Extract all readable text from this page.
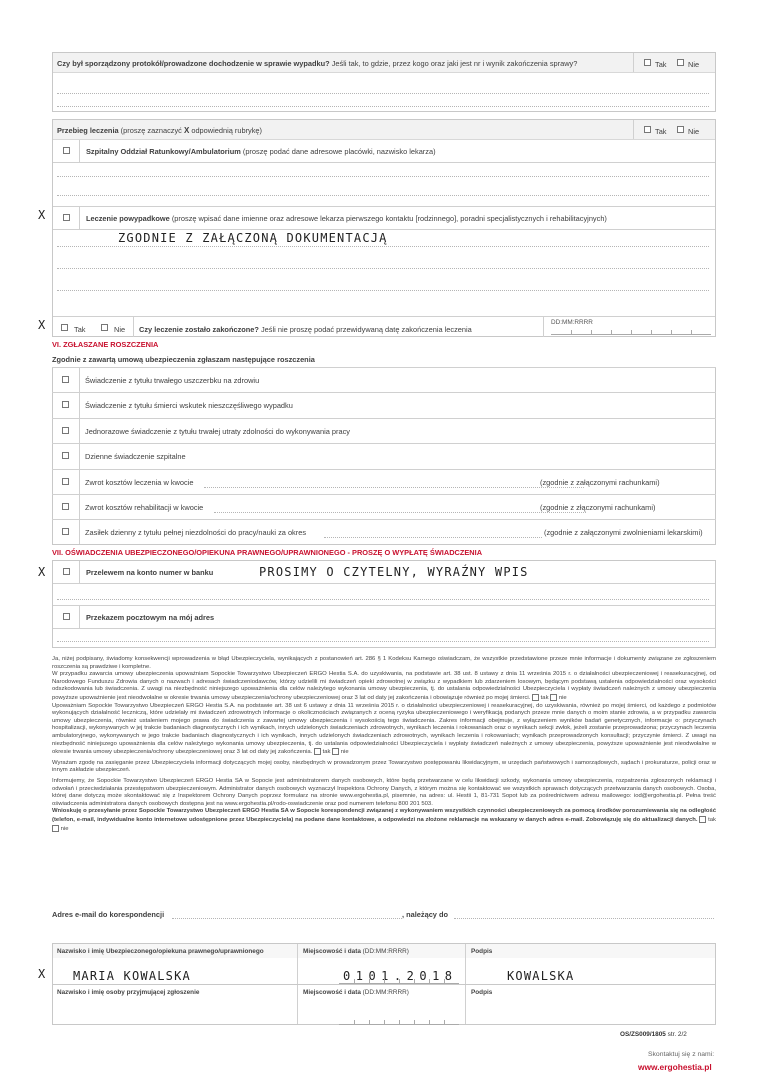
Czy był sporządzony protokół/prowadzone dochodzenie w sprawie wypadku? Jeśli tak, to gdzie, przez kogo oraz jaki jest nr i wynik zakończenia sprawy?	Tak	Nie
Przebieg leczenia (proszę zaznaczyć X odpowiednią rubrykę)	Tak	Nie
Szpitalny Oddział Ratunkowy/Ambulatorium (proszę podać dane adresowe placówki, nazwisko lekarza)
Leczenie powypadkowe (proszę wpisać dane imienne oraz adresowe lekarza pierwszego kontaktu [rodzinnego], poradni specjalistycznych i rehabilitacyjnych)
ZGODNIE Z ZAŁĄCZONĄ DOKUMENTACJĄ
Tak	Nie Czy leczenie zostało zakończone? Jeśli nie proszę podać przewidywaną datę zakończenia leczenia
DD:MM:RRRR
X
X
VI. ZGŁASZANE ROSZCZENIA
Zgodnie z zawartą umową ubezpieczenia zgłaszam następujące roszczenia
Świadczenie z tytułu trwałego uszczerbku na zdrowiu
Świadczenie z tytułu śmierci wskutek nieszczęśliwego wypadku
Jednorazowe świadczenie z tytułu trwałej utraty zdolności do wykonywania pracy
Dzienne świadczenie szpitalne
Zwrot kosztów leczenia w kwocie	(zgodnie z załączonymi rachunkami)
Zwrot kosztów rehabilitacji w kwocie	(zgodnie z złączonymi rachunkami)
Zasiłek dzienny z tytułu pełnej niezdolności do pracy/nauki za okres	(zgodnie z załączonymi zwolnieniami lekarskimi)
VII. OŚWIADCZENIA UBEZPIECZONEGO/OPIEKUNA PRAWNEGO/UPRAWNIONEGO - PROSZĘ O WYPŁATĘ ŚWIADCZENIA
Przelewem na konto numer w banku	PROSIMY O CZYTELNY, WYRAŹNY WPIS
Przekazem pocztowym na mój adres
X
Ja, niżej podpisany, świadomy konsekwencji wprowadzenia w błąd Ubezpieczyciela, wynikających z postanowień art. 286 § 1 Kodeksu Karnego oświadczam, że wszystkie przedstawione przeze mnie informacje i dokumenty związane ze zgłoszeniem roszczenia są prawdziwe i kompletne.
W przypadku zawarcia umowy ubezpieczenia upoważniam Sopockie Towarzystwo Ubezpieczeń ERGO Hestia S.A. do uzyskiwania, na podstawie art. 38 ust. 8 ustawy z dnia 11 września 2015 r. o działalności ubezpieczeniowej i reasekuracyjnej, od Narodowego Funduszu Zdrowia danych o nazwach i adresach świadczeniodawców, którzy udzielili mi świadczeń opieki zdrowotnej w związku z wypadkiem lub zdarzeniem losowym, będącym podstawą ustalenia odpowiedzialności oraz wysokości odszkodowania lub świadczenia. Z uwagi na niezbędność niniejszego upoważnienia dla celów należytego wykonania umowy ubezpieczenia, tj. do ustalania odpowiedzialności Ubezpieczyciela i wypłaty świadczeń należnych z umowy ubezpieczenia powyższe upoważnienie jest nieodwołalne w okresie trwania umowy ubezpieczenia/ochrony ubezpieczeniowej oraz 3 lat od daty jej zakończenia i obowiązuje również po mojej śmierci. tak nie
Upoważniam Sopockie Towarzystwo Ubezpieczeń ERGO Hestia S.A. na podstawie art. 38 ust 6 ustawy z dnia 11 września 2015 r. o działalności ubezpieczeniowej i reasekuracyjnej, do uzyskiwania, również po mojej śmierci, od każdego z podmiotów wykonujących działalność leczniczą, które udzielały mi świadczeń zdrowotnych informacje o okolicznościach związanych z oceną ryzyka ubezpieczeniowego i weryfikacją podanych przeze mnie danych o moim stanie zdrowia, a w przypadku zawarcia umowy ubezpieczenia, również ustaleniem mojego prawa do świadczenia z zawartej umowy ubezpieczenia i wysokością tego świadczenia. Zakres informacji obejmuje, z wyłączeniem wyników badań genetycznych, informacje o: przyczynach hospitalizacji, wykonywanych w jej trakcie badaniach diagnostycznych i ich wynikach, innych udzielonych świadczeniach zdrowotnych, wynikach leczenia i rokowaniach oraz o wynikach sekcji zwłok, jeżeli zostanie przeprowadzona; przyczynach leczenia ambulatoryjnego, wykonywanych w jego trakcie badaniach diagnostycznych i ich wynikach, innych udzielonych świadczeniach zdrowotnych, wynikach leczenia i rokowaniach; wynikach przeprowadzonych konsultacji; przyczynie śmierci. Z uwagi na niezbędność niniejszego upoważnienia dla celów należytego wykonania umowy ubezpieczenia, tj. do ustalania odpowiedzialności Ubezpieczyciela i wypłaty świadczeń należnych z umowy ubezpieczenia, powyższe upoważnienie jest nieodwołalne w okresie trwania umowy ubezpieczenia/ochrony ubezpieczeniowej oraz 3 lat od daty jej zakończenia. tak nie
Wyrażam zgodę na zasięganie przez Ubezpieczyciela informacji dotyczących mojej osoby, niezbędnych w prowadzonym przez Towarzystwo postępowaniu likwidacyjnym, w urzędach państwowych i samorządowych, sądach i prokuraturze, policji oraz w innym zakładzie ubezpieczeń.
Informujemy, że Sopockie Towarzystwo Ubezpieczeń ERGO Hestia SA w Sopocie jest administratorem danych osobowych, które będą przetwarzane w celu likwidacji szkody, wykonania umowy ubezpieczenia, rozpatrzenia zgłoszonych reklamacji i odwołań i przeciwdziałania przestępstwom ubezpieczeniowym. Administrator danych osobowych wyznaczył Inspektora Ochrony Danych, z którym można się kontaktować we wszystkich sprawach dotyczących przetwarzania danych osobowych. Osoba, której dane dotyczą może skontaktować się z Inspektorem Ochrony Danych poprzez formularz na stronie www.ergohestia.pl, pisemnie, na adres: ul. Hestii 1, 81-731 Sopot lub za pośrednictwem adresu mailowego: iod@ergohestia.pl. Pełna treść oświadczenia administratora danych osobowych dostępna jest na www.ergohestia.pl/rodo-oswiadczenie oraz pod numerem telefonu 800 201 503.
Wnioskuję o przesyłanie przez Sopockie Towarzystwo Ubezpieczeń ERGO Hestia SA w Sopocie korespondencji związanej z wykonywaniem wszystkich czynności ubezpieczeniowych za pomocą środków porozumiewania się na odległość (telefon, e-mail, indywidualne konto internetowe udostępnione przez Ubezpieczyciela) na podane dane kontaktowe, a odpowiedzi na złożone reklamacje na wskazany w danych adres e-mail. Zobowiązuję się do aktualizacji danych. tak  nie
Adres e-mail do korespondencji	, należący do
Nazwisko i imię Ubezpieczonego/opiekuna prawnego/uprawnionego	Miejscowość i data (DD:MM:RRRR)	Podpis
MARIA KOWALSKA	0101.2018	KOWALSKA
Nazwisko i imię osoby przyjmującej zgłoszenie	Miejscowość i data (DD:MM:RRRR)	Podpis
X
OS/ZS009/1805 str. 2/2
Skontaktuj się z nami:
www.ergohestia.pl
